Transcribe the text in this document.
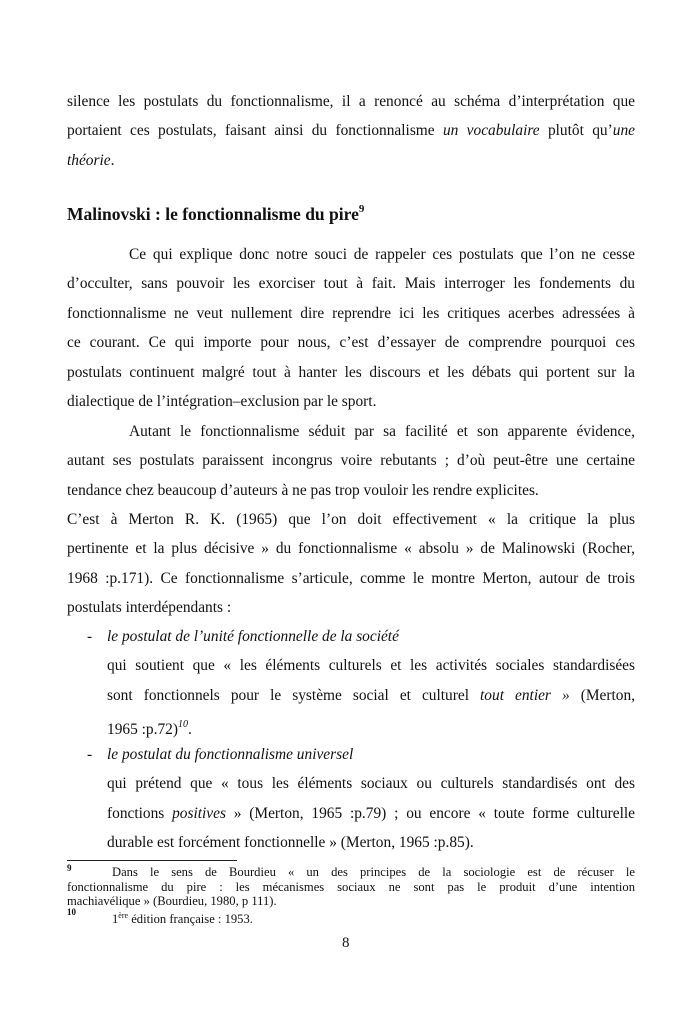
silence les postulats du fonctionnalisme, il a renoncé au schéma d’interprétation que
portaient ces postulats, faisant ainsi du fonctionnalisme un vocabulaire plutôt qu’une
théorie.
Malinovski : le fonctionnalisme du pire$^9$
Ce qui explique donc notre souci de rappeler ces postulats que l’on ne cesse
d’occulter, sans pouvoir les exorciser tout à fait. Mais interroger les fondements du
fonctionnalisme ne veut nullement dire reprendre ici les critiques acerbes adressées à
ce courant. Ce qui importe pour nous, c’est d’essayer de comprendre pourquoi ces
postulats continuent malgré tout à hanter les discours et les débats qui portent sur la
dialectique de l’intégration–exclusion par le sport.
Autant le fonctionnalisme séduit par sa facilité et son apparente évidence,
autant ses postulats paraissent incongrus voire rebutants ; d’où peut-être une certaine
tendance chez beaucoup d’auteurs à ne pas trop vouloir les rendre explicites.
C’est à Merton R. K. (1965) que l’on doit effectivement « la critique la plus
pertinente et la plus décisive » du fonctionnalisme « absolu » de Malinowski (Rocher,
1968 :p.171). Ce fonctionnalisme s’articule, comme le montre Merton, autour de trois
postulats interdépendants :
- le postulat de l’unité fonctionnelle de la société
qui soutient que « les éléments culturels et les activités sociales standardisées
sont fonctionnels pour le système social et culturel tout entier » (Merton,
1965 :p.72)$^{10}$.
- le postulat du fonctionnalisme universel
qui prétend que « tous les éléments sociaux ou culturels standardisés ont des
fonctions positives » (Merton, 1965 :p.79) ; ou encore « toute forme culturelle
durable est forcément fonctionnelle » (Merton, 1965 :p.85).
9	Dans le sens de Bourdieu « un des principes de la sociologie est de récuser le
fonctionnalisme du pire : les mécanismes sociaux ne sont pas le produit d’une intention
machiavélique » (Bourdieu, 1980, p 111).
10	1ère édition française : 1953.
8
